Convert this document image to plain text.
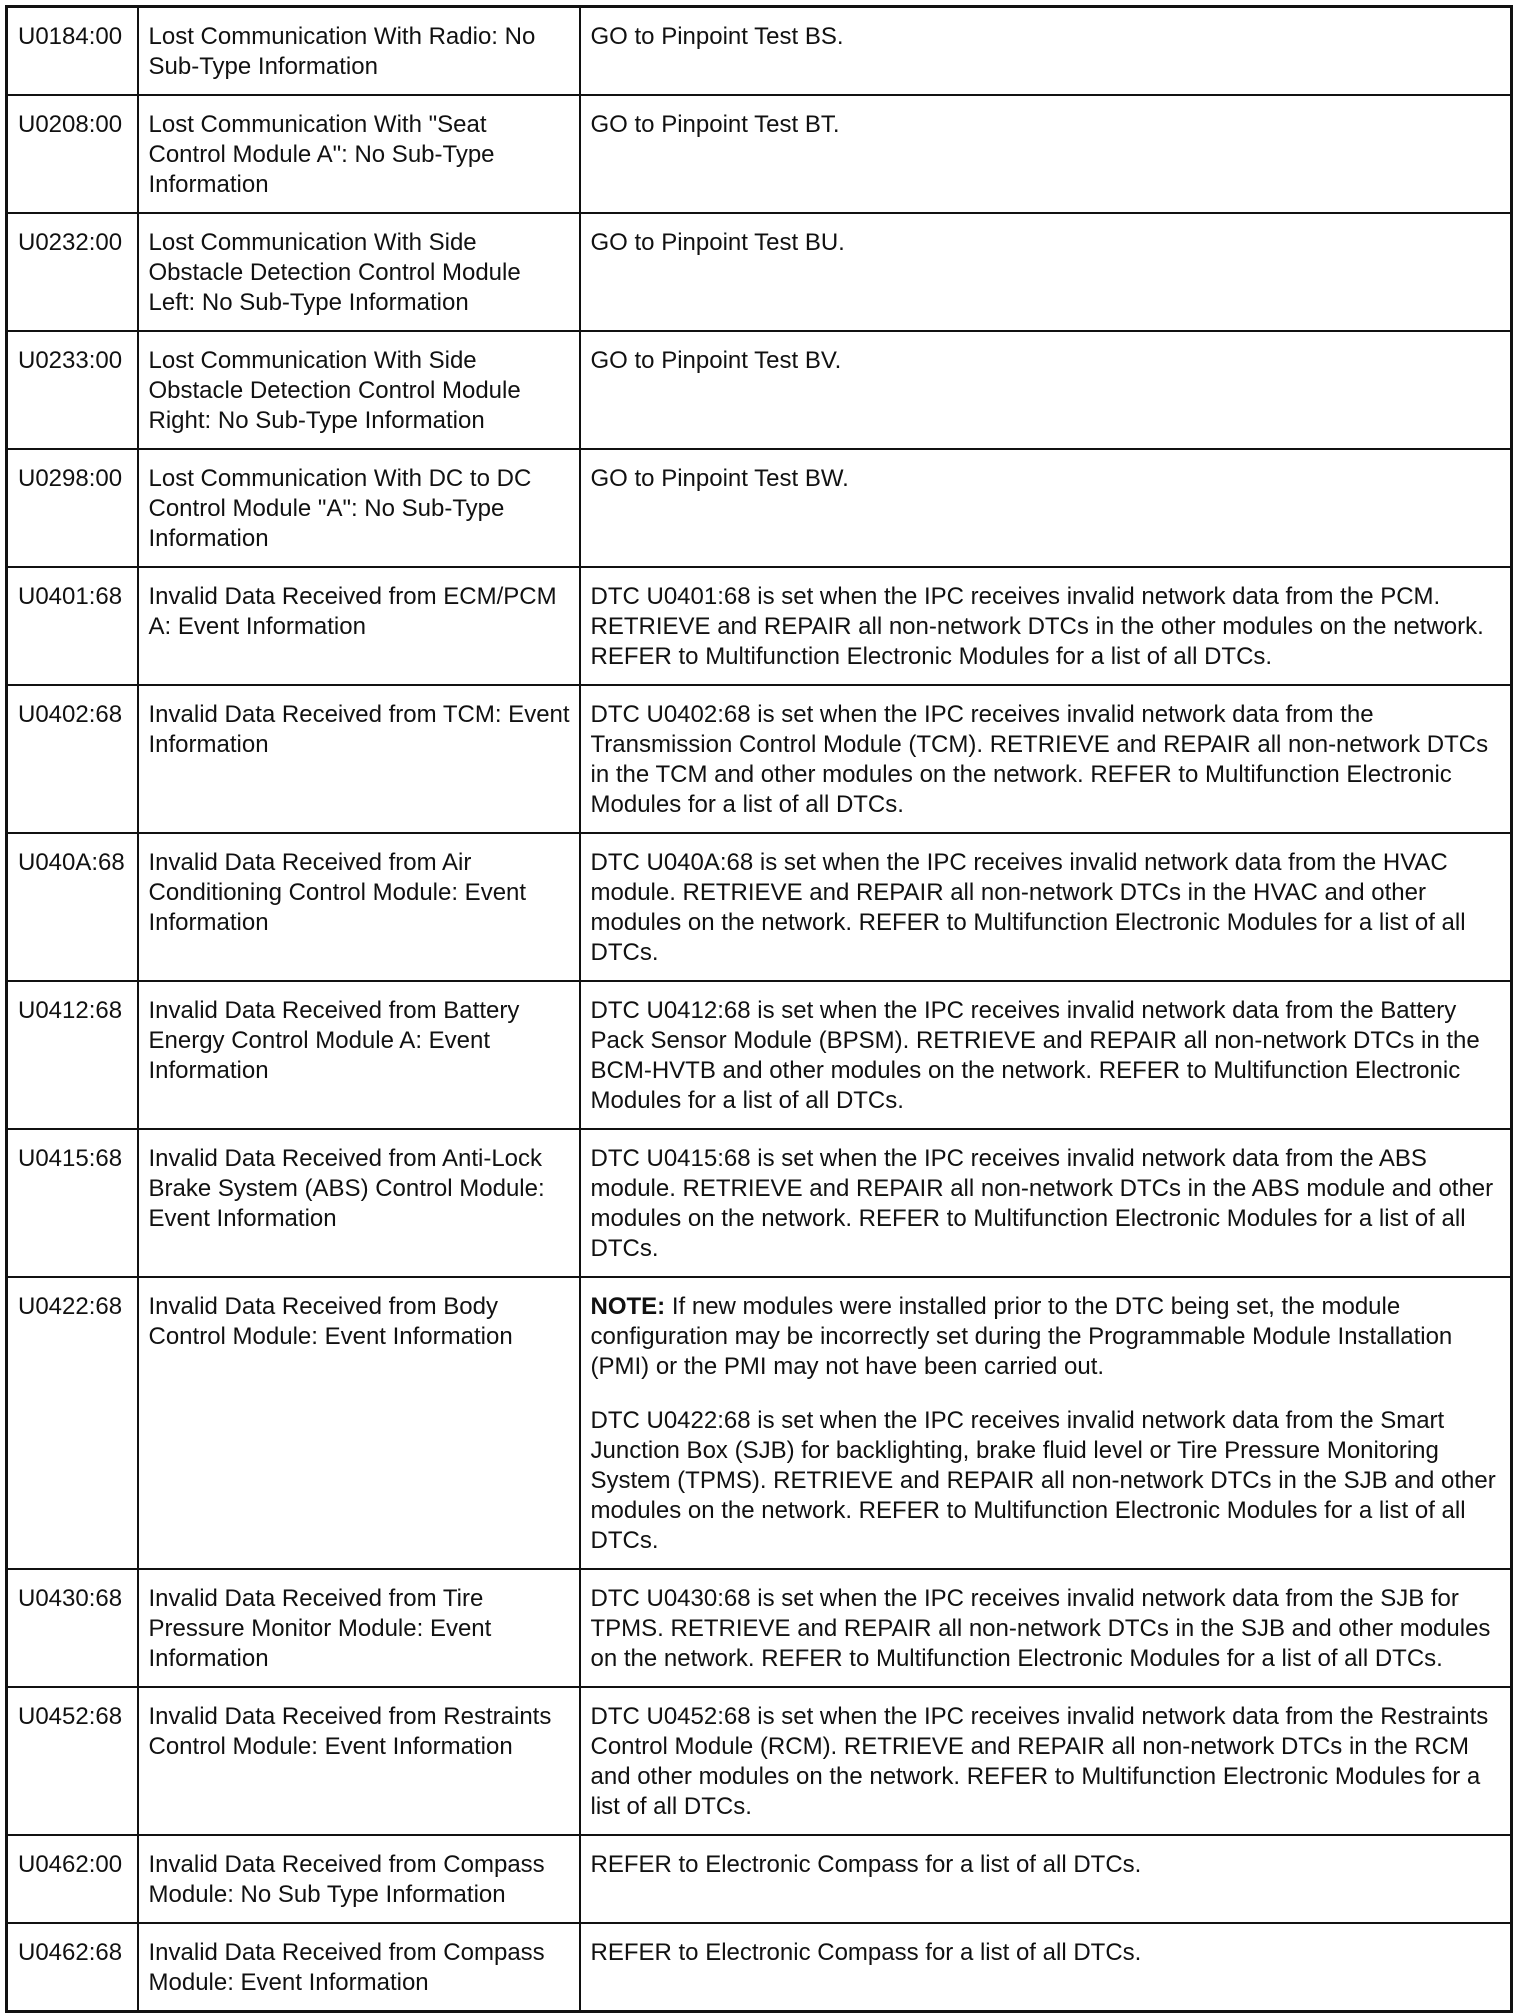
U0184:00	Lost Communication With Radio: No Sub-Type Information	GO to Pinpoint Test BS.
U0208:00	Lost Communication With "Seat Control Module A": No Sub-Type Information	GO to Pinpoint Test BT.
U0232:00	Lost Communication With Side Obstacle Detection Control Module Left: No Sub-Type Information	GO to Pinpoint Test BU.
U0233:00	Lost Communication With Side Obstacle Detection Control Module Right: No Sub-Type Information	GO to Pinpoint Test BV.
U0298:00	Lost Communication With DC to DC Control Module "A": No Sub-Type Information	GO to Pinpoint Test BW.
U0401:68	Invalid Data Received from ECM/PCM A: Event Information	DTC U0401:68 is set when the IPC receives invalid network data from the PCM. RETRIEVE and REPAIR all non-network DTCs in the other modules on the network. REFER to Multifunction Electronic Modules for a list of all DTCs.
U0402:68	Invalid Data Received from TCM: Event Information	DTC U0402:68 is set when the IPC receives invalid network data from the Transmission Control Module (TCM). RETRIEVE and REPAIR all non-network DTCs in the TCM and other modules on the network. REFER to Multifunction Electronic Modules for a list of all DTCs.
U040A:68	Invalid Data Received from Air Conditioning Control Module: Event Information	DTC U040A:68 is set when the IPC receives invalid network data from the HVAC module. RETRIEVE and REPAIR all non-network DTCs in the HVAC and other modules on the network. REFER to Multifunction Electronic Modules for a list of all DTCs.
U0412:68	Invalid Data Received from Battery Energy Control Module A: Event Information	DTC U0412:68 is set when the IPC receives invalid network data from the Battery Pack Sensor Module (BPSM). RETRIEVE and REPAIR all non-network DTCs in the BCM-HVTB and other modules on the network. REFER to Multifunction Electronic Modules for a list of all DTCs.
U0415:68	Invalid Data Received from Anti-Lock Brake System (ABS) Control Module: Event Information	DTC U0415:68 is set when the IPC receives invalid network data from the ABS module. RETRIEVE and REPAIR all non-network DTCs in the ABS module and other modules on the network. REFER to Multifunction Electronic Modules for a list of all DTCs.
U0422:68	Invalid Data Received from Body Control Module: Event Information	NOTE: If new modules were installed prior to the DTC being set, the module configuration may be incorrectly set during the Programmable Module Installation (PMI) or the PMI may not have been carried out.
DTC U0422:68 is set when the IPC receives invalid network data from the Smart Junction Box (SJB) for backlighting, brake fluid level or Tire Pressure Monitoring System (TPMS). RETRIEVE and REPAIR all non-network DTCs in the SJB and other modules on the network. REFER to Multifunction Electronic Modules for a list of all DTCs.

U0430:68	Invalid Data Received from Tire Pressure Monitor Module: Event Information	DTC U0430:68 is set when the IPC receives invalid network data from the SJB for TPMS. RETRIEVE and REPAIR all non-network DTCs in the SJB and other modules on the network. REFER to Multifunction Electronic Modules for a list of all DTCs.
U0452:68	Invalid Data Received from Restraints Control Module: Event Information	DTC U0452:68 is set when the IPC receives invalid network data from the Restraints Control Module (RCM). RETRIEVE and REPAIR all non-network DTCs in the RCM and other modules on the network. REFER to Multifunction Electronic Modules for a list of all DTCs.
U0462:00	Invalid Data Received from Compass Module: No Sub Type Information	REFER to Electronic Compass for a list of all DTCs.
U0462:68	Invalid Data Received from Compass Module: Event Information	REFER to Electronic Compass for a list of all DTCs.
